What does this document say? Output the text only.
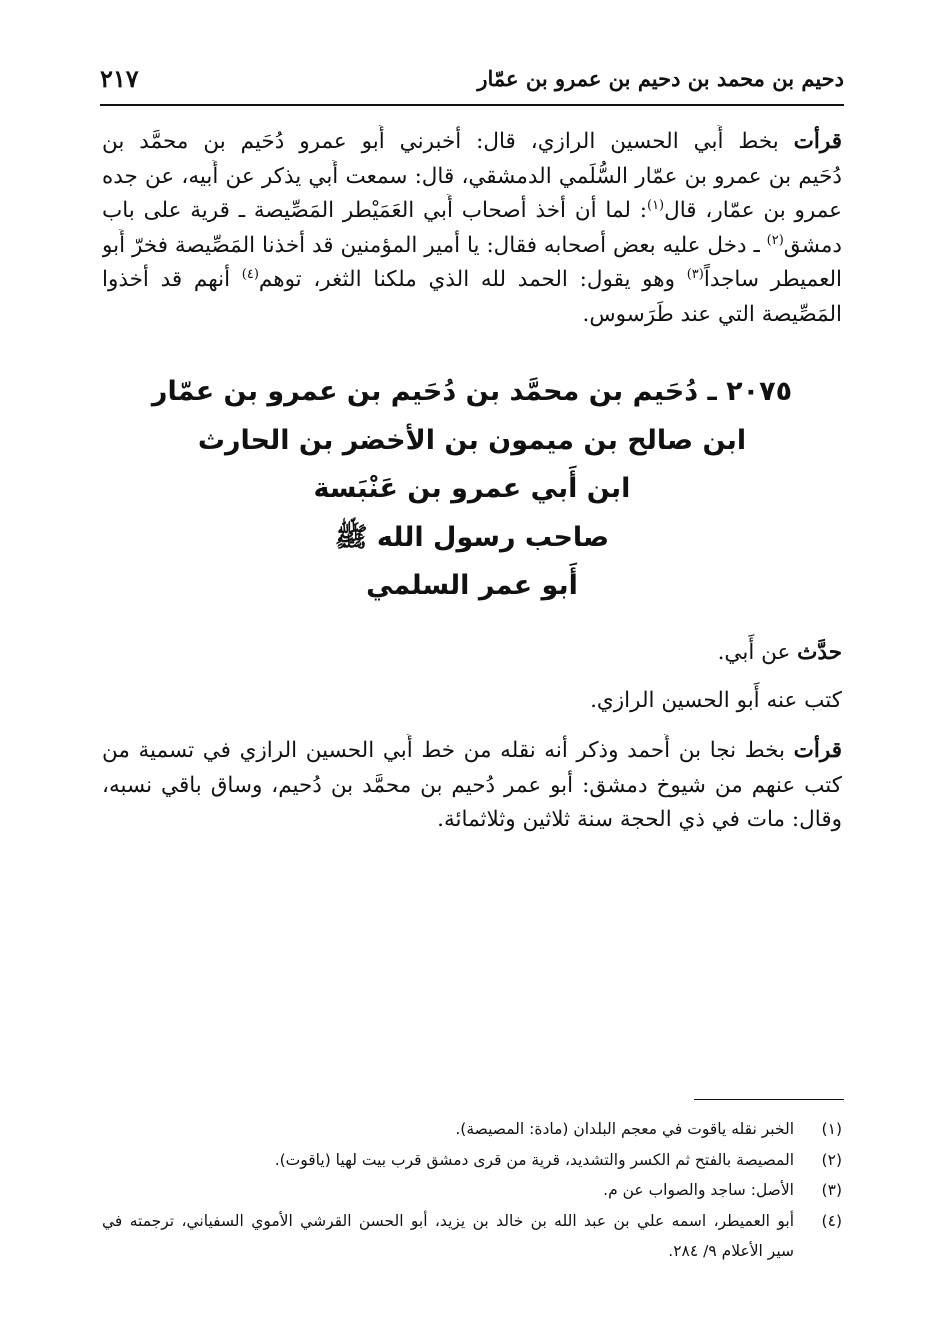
دحيم بن محمد بن دحيم بن عمرو بن عمّار
٢١٧
قرأت بخط أَبي الحسين الرازي، قال: أخبرني أَبو عمرو دُحَيم بن محمَّد بن
دُحَيم بن عمرو بن عمّار السُّلَمي الدمشقي، قال: سمعت أَبي يذكر عن أَبيه، عن جده
عمرو بن عمّار، قال$^{(١)}$: لما أن أخذ أصحاب أَبي العَمَيْطر المَصِّيصة ـ قرية على باب
دمشق$^{(٢)}$ ـ دخل عليه بعض أصحابه فقال: يا أمير المؤمنين قد أخذنا المَصِّيصة فخرّ أَبو
العميطر ساجداً$^{(٣)}$ وهو يقول: الحمد لله الذي ملكنا الثغر، توهم$^{(٤)}$ أنهم قد أخذوا
المَصِّيصة التي عند طَرَسوس.
٢٠٧٥ ـ دُحَيم بن محمَّد بن دُحَيم بن عمرو بن عمّار
ابن صالح بن ميمون بن الأخضر بن الحارث
ابن أَبي عمرو بن عَنْبَسة
صاحب رسول الله ﷺ
أَبو عمر السلمي
حدَّث عن أَبي.
كتب عنه أَبو الحسين الرازي.
قرأت بخط نجا بن أَحمد وذكر أنه نقله من خط أَبي الحسين الرازي في تسمية من
كتب عنهم من شيوخ دمشق: أبو عمر دُحيم بن محمَّد بن دُحيم، وساق باقي نسبه،
وقال: مات في ذي الحجة سنة ثلاثين وثلاثمائة.
(١)
الخبر نقله ياقوت في معجم البلدان (مادة: المصيصة).
(٢)
المصيصة بالفتح ثم الكسر والتشديد، قرية من قرى دمشق قرب بيت لهيا (ياقوت).
(٣)
الأصل: ساجد والصواب عن م.
(٤)
أبو العميطر، اسمه علي بن عبد الله بن خالد بن يزيد، أبو الحسن القرشي الأموي السفياني، ترجمته في
سير الأعلام ٩/ ٢٨٤.
